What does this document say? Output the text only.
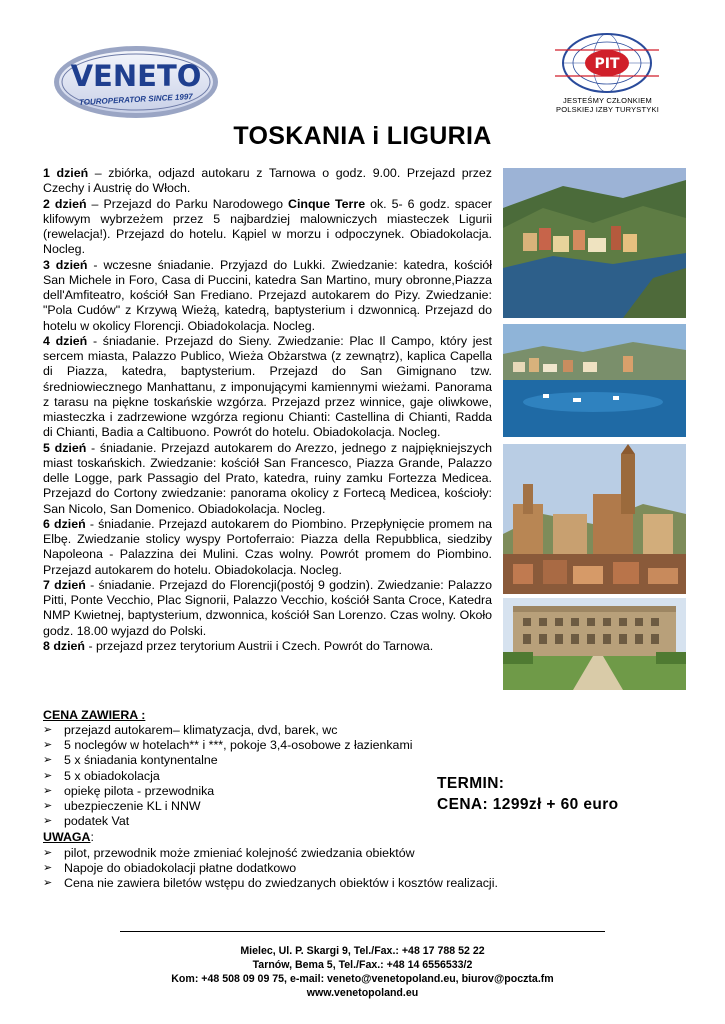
VENETO
TOUROPERATOR SINCE 1997
PIT
JESTEŚMY CZŁONKIEM
POLSKIEJ IZBY TURYSTYKI
TOSKANIA i LIGURIA

1 dzień – zbiórka, odjazd autokaru z Tarnowa o godz. 9.00. Przejazd przez Czechy i Austrię do Włoch.

2 dzień – Przejazd do Parku Narodowego Cinque Terre ok. 5- 6 godz. spacer klifowym wybrzeżem przez 5 najbardziej malowniczych miasteczek Ligurii (rewelacja!). Przejazd do hotelu. Kąpiel w morzu i odpoczynek. Obiadokolacja. Nocleg.

3 dzień - wczesne śniadanie. Przyjazd do Lukki. Zwiedzanie: katedra, kościół San Michele in Foro, Casa di Puccini, katedra San Martino, mury obronne,Piazza dell'Amfiteatro, kościół San Frediano. Przejazd autokarem do Pizy. Zwiedzanie: "Pola Cudów" z Krzywą Wieżą, katedrą, baptysterium i dzwonnicą. Przejazd do hotelu w okolicy Florencji. Obiadokolacja. Nocleg.

4 dzień - śniadanie. Przejazd do Sieny. Zwiedzanie: Plac Il Campo, który jest sercem miasta, Palazzo Publico, Wieża Obżarstwa (z zewnątrz), kaplica Capella di Piazza, katedra, baptysterium. Przejazd do San Gimignano tzw. średniowiecznego Manhattanu, z imponującymi kamiennymi wieżami. Panorama z tarasu na piękne toskańskie wzgórza. Przejazd przez winnice, gaje oliwkowe, miasteczka i zadrzewione wzgórza regionu Chianti: Castellina di Chianti, Radda di Chianti, Badia a Caltibuono. Powrót do hotelu. Obiadokolacja. Nocleg.

5 dzień - śniadanie. Przejazd autokarem do Arezzo, jednego z najpiękniejszych miast toskańskich. Zwiedzanie: kościół San Francesco, Piazza Grande, Palazzo delle Logge, park Passagio del Prato, katedra, ruiny zamku Fortezza Medicea. Przejazd do Cortony zwiedzanie: panorama okolicy z Fortecą Medicea, kościoły: San Nicolo, San Domenico. Obiadokolacja. Nocleg.

6 dzień - śniadanie. Przejazd autokarem do Piombino. Przepłynięcie promem na Elbę. Zwiedzanie stolicy wyspy Portoferraio: Piazza della Repubblica, siedziby Napoleona - Palazzina dei Mulini. Czas wolny. Powrót promem do Piombino. Przejazd autokarem do hotelu. Obiadokolacja. Nocleg.

7 dzień - śniadanie. Przejazd do Florencji(postój 9 godzin). Zwiedzanie: Palazzo Pitti, Ponte Vecchio, Plac Signorii, Palazzo Vecchio, kościół Santa Croce, Katedra NMP Kwietnej, baptysterium, dzwonnica, kościół San Lorenzo. Czas wolny. Około godz. 18.00 wyjazd do Polski.

8 dzień - przejazd przez terytorium Austrii i Czech. Powrót do Tarnowa.

CENA ZAWIERA :
➢ przejazd autokarem– klimatyzacja, dvd, barek, wc
➢ 5 noclegów w hotelach** i ***, pokoje 3,4-osobowe z łazienkami
➢ 5 x śniadania kontynentalne
➢ 5 x obiadokolacja
➢ opiekę pilota - przewodnika
➢ ubezpieczenie KL i NNW
➢ podatek Vat
UWAGA:
➢ pilot, przewodnik może zmieniać kolejność zwiedzania obiektów
➢ Napoje do obiadokolacji płatne dodatkowo
➢ Cena nie zawiera biletów wstępu do zwiedzanych obiektów i kosztów realizacji.
TERMIN:
CENA: 1299zł + 60 euro
Mielec, Ul. P. Skargi 9, Tel./Fax.: +48 17 788 52 22
Tarnów, Bema 5, Tel./Fax.: +48 14 6556533/2
Kom: +48 508 09 09 75, e-mail: veneto@venetopoland.eu, biurov@poczta.fm
www.venetopoland.eu
